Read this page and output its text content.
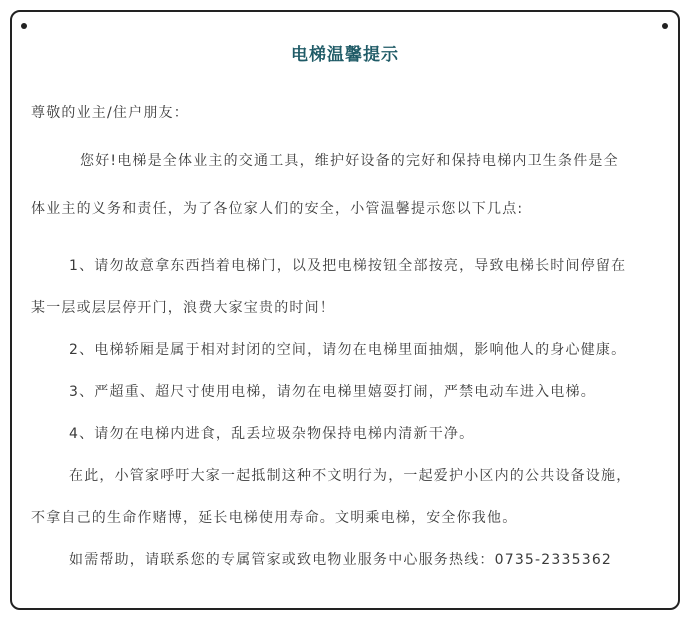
电梯温馨提示
尊敬的业主/住户朋友：
您好!电梯是全体业主的交通工具，维护好设备的完好和保持电梯内卫生条件是全
体业主的义务和责任，为了各位家人们的安全，小管温馨提示您以下几点:
1、请勿故意拿东西挡着电梯门，以及把电梯按钮全部按亮，导致电梯长时间停留在
某一层或层层停开门，浪费大家宝贵的时间！
2、电梯轿厢是属于相对封闭的空间，请勿在电梯里面抽烟，影响他人的身心健康。
3、严超重、超尺寸使用电梯，请勿在电梯里嬉耍打闹，严禁电动车进入电梯。
4、请勿在电梯内进食，乱丢垃圾杂物保持电梯内清新干净。
在此，小管家呼吁大家一起抵制这种不文明行为，一起爱护小区内的公共设备设施，
不拿自己的生命作赌博，延长电梯使用寿命。文明乘电梯，安全你我他。
如需帮助，请联系您的专属管家或致电物业服务中心服务热线：0735-2335362
